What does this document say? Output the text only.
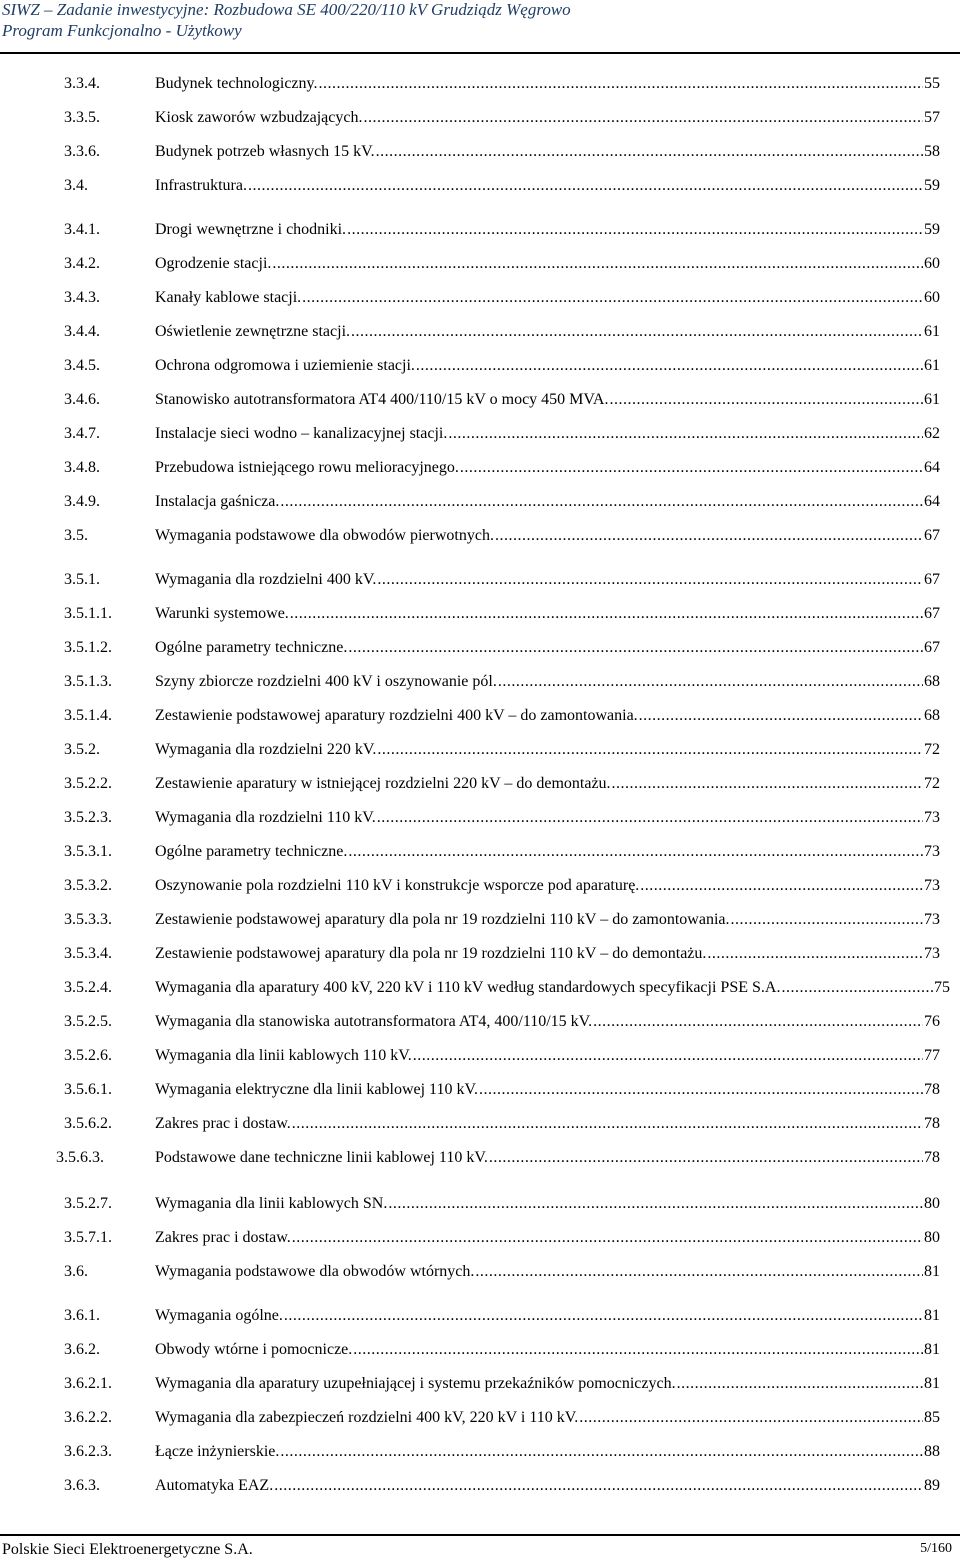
SIWZ – Zadanie inwestycyjne: Rozbudowa SE 400/220/110 kV Grudziądz Węgrowo
Program Funkcjonalno - Użytkowy
3.3.4.	Budynek technologiczny. .....	55
3.3.5.	Kiosk zaworów wzbudzających. .....	57
3.3.6.	Budynek potrzeb własnych 15 kV. .....	58
3.4.	Infrastruktura. .....	59
3.4.1.	Drogi wewnętrzne i chodniki. .....	59
3.4.2.	Ogrodzenie stacji. .....	60
3.4.3.	Kanały kablowe stacji. .....	60
3.4.4.	Oświetlenie zewnętrzne stacji. .....	61
3.4.5.	Ochrona odgromowa i uziemienie stacji. .....	61
3.4.6.	Stanowisko autotransformatora AT4 400/110/15 kV o mocy 450 MVA. .....	61
3.4.7.	Instalacje sieci wodno – kanalizacyjnej stacji. .....	62
3.4.8.	Przebudowa istniejącego rowu melioracyjnego. .....	64
3.4.9.	Instalacja gaśnicza. .....	64
3.5.	Wymagania podstawowe dla obwodów pierwotnych. .....	67
3.5.1.	Wymagania dla rozdzielni 400 kV. .....	67
3.5.1.1.	Warunki systemowe. .....	67
3.5.1.2.	Ogólne parametry techniczne. .....	67
3.5.1.3.	Szyny zbiorcze rozdzielni 400 kV i oszynowanie pól. .....	68
3.5.1.4.	Zestawienie podstawowej aparatury rozdzielni 400 kV – do zamontowania. .....	68
3.5.2.	Wymagania dla rozdzielni 220 kV. .....	72
3.5.2.2.	Zestawienie aparatury w istniejącej rozdzielni 220 kV – do demontażu. .....	72
3.5.2.3.	Wymagania dla rozdzielni 110 kV. .....	73
3.5.3.1.	Ogólne parametry techniczne. .....	73
3.5.3.2.	Oszynowanie pola rozdzielni 110 kV i konstrukcje wsporcze pod aparaturę. .....	73
3.5.3.3.	Zestawienie podstawowej aparatury dla pola nr 19 rozdzielni 110 kV – do zamontowania. .....	73
3.5.3.4.	Zestawienie podstawowej aparatury dla pola nr 19 rozdzielni 110 kV – do demontażu. .....	73
3.5.2.4.	Wymagania dla aparatury 400 kV, 220 kV i 110 kV według standardowych specyfikacji PSE S.A. .....	75
3.5.2.5.	Wymagania dla stanowiska autotransformatora AT4, 400/110/15 kV. .....	76
3.5.2.6.	Wymagania dla linii kablowych 110 kV. .....	77
3.5.6.1.	Wymagania elektryczne dla linii kablowej 110 kV. .....	78
3.5.6.2.	Zakres prac i dostaw. .....	78
3.5.6.3.	Podstawowe dane techniczne linii kablowej 110 kV. .....	78
3.5.2.7.	Wymagania dla linii kablowych SN. .....	80
3.5.7.1.	Zakres prac i dostaw. .....	80
3.6.	Wymagania podstawowe dla obwodów wtórnych. .....	81
3.6.1.	Wymagania ogólne. .....	81
3.6.2.	Obwody wtórne i pomocnicze. .....	81
3.6.2.1.	Wymagania dla aparatury uzupełniającej i systemu przekaźników pomocniczych. .....	81
3.6.2.2.	Wymagania dla zabezpieczeń rozdzielni 400 kV, 220 kV i 110 kV. .....	85
3.6.2.3.	Łącze inżynierskie. .....	88
3.6.3.	Automatyka EAZ. .....	89
Polskie Sieci Elektroenergetyczne S.A.	5/160
